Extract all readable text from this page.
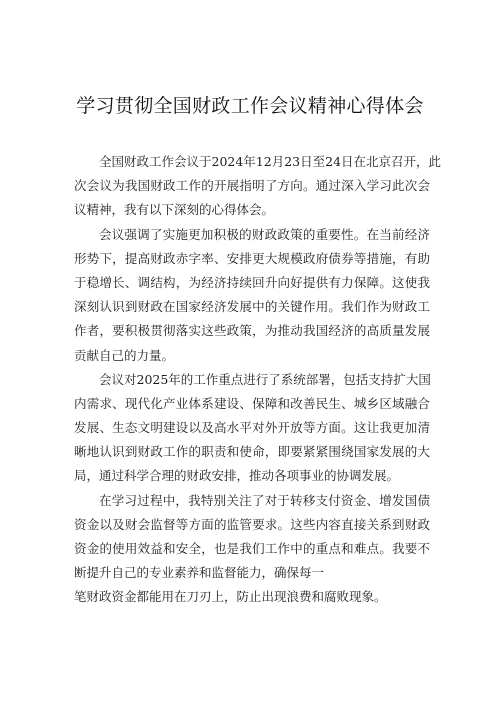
学习贯彻全国财政工作会议精神心得体会
全国财政工作会议于2024年12月23日至24日在北京召开，此
次会议为我国财政工作的开展指明了方向。通过深入学习此次会
议精神，我有以下深刻的心得体会。
会议强调了实施更加积极的财政政策的重要性。在当前经济
形势下，提高财政赤字率、安排更大规模政府债券等措施，有助
于稳增长、调结构，为经济持续回升向好提供有力保障。这使我
深刻认识到财政在国家经济发展中的关键作用。我们作为财政工
作者，要积极贯彻落实这些政策，为推动我国经济的高质量发展
贡献自己的力量。
会议对2025年的工作重点进行了系统部署，包括支持扩大国
内需求、现代化产业体系建设、保障和改善民生、城乡区域融合
发展、生态文明建设以及高水平对外开放等方面。这让我更加清
晰地认识到财政工作的职责和使命，即要紧紧围绕国家发展的大
局，通过科学合理的财政安排，推动各项事业的协调发展。
在学习过程中，我特别关注了对于转移支付资金、增发国债
资金以及财会监督等方面的监管要求。这些内容直接关系到财政
资金的使用效益和安全，也是我们工作中的重点和难点。我要不
断提升自己的专业素养和监督能力，确保每一
笔财政资金都能用在刀刃上，防止出现浪费和腐败现象。
